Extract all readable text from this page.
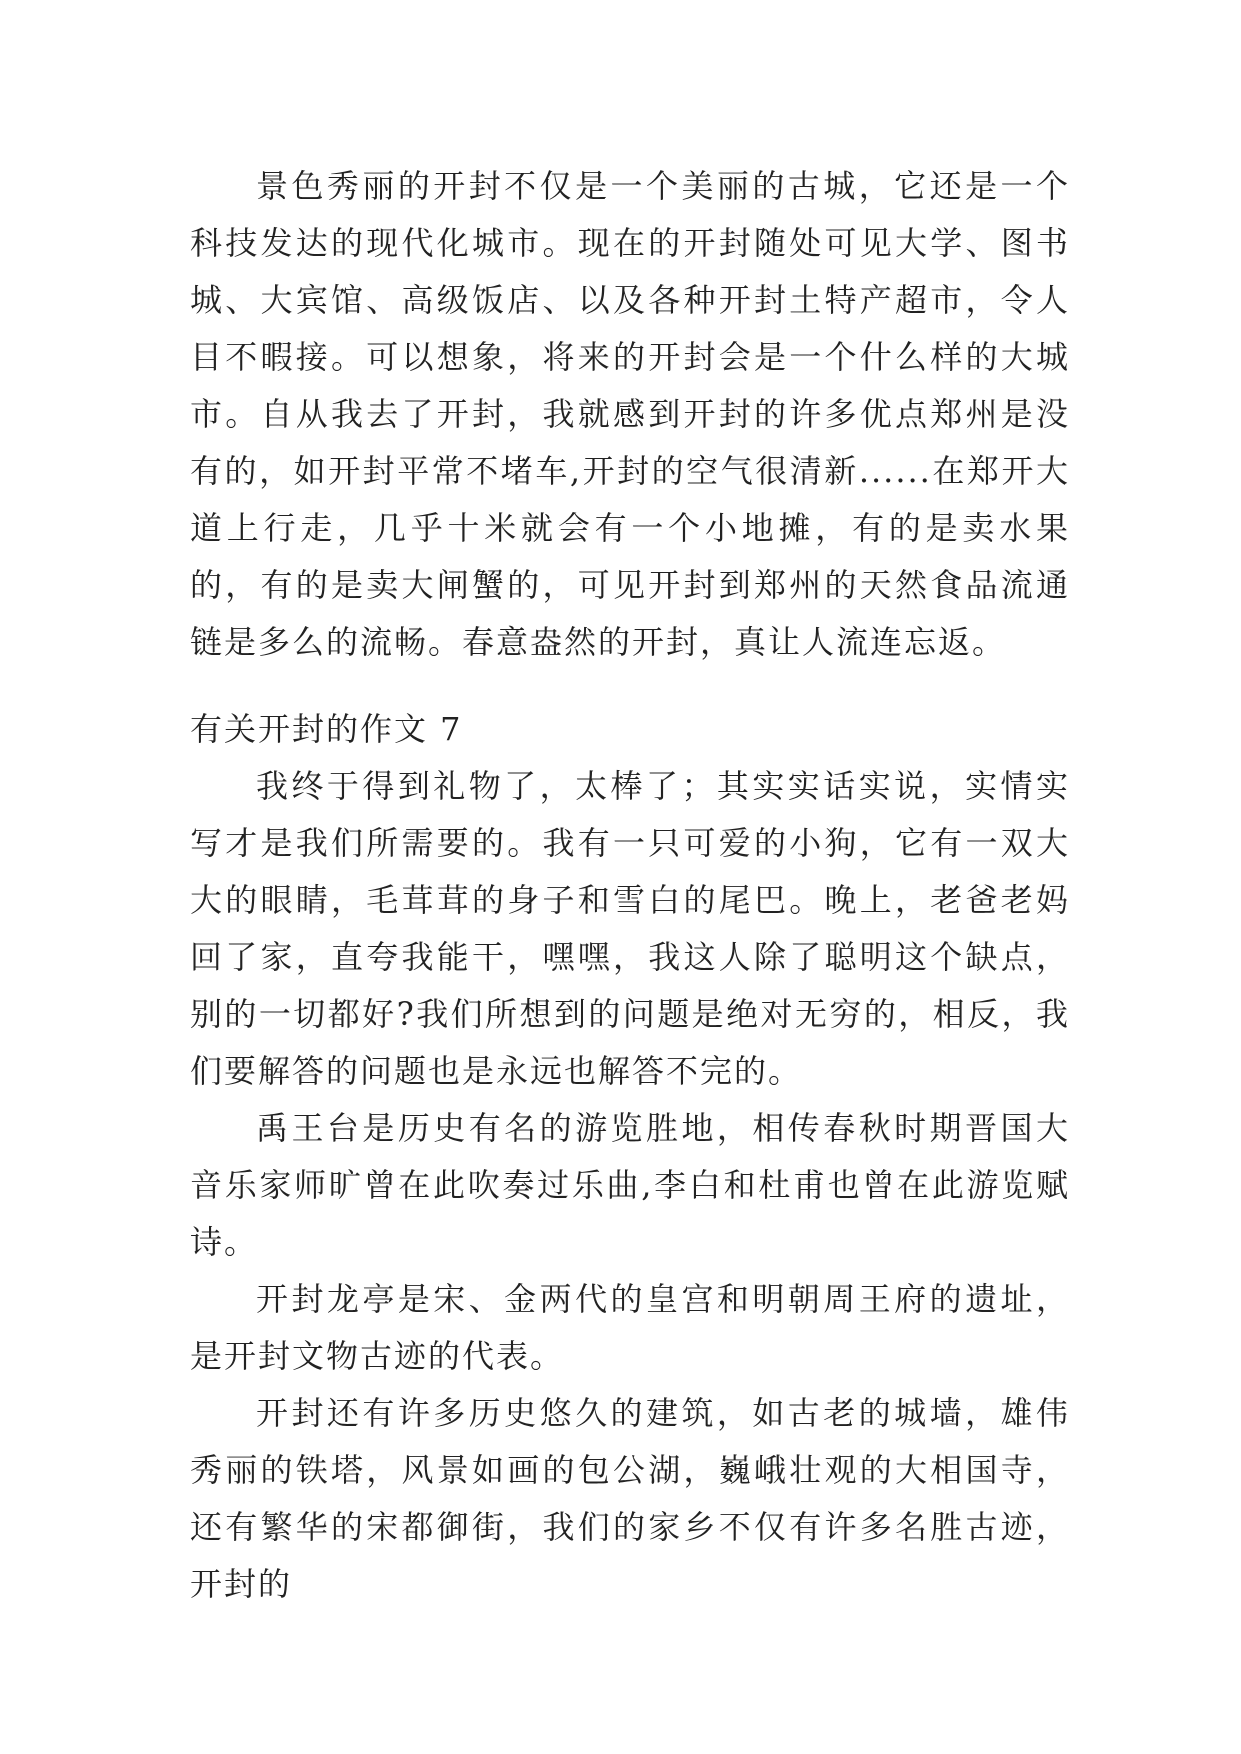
景色秀丽的开封不仅是一个美丽的古城，它还是一个科技发达的现代化城市。现在的开封随处可见大学、图书城、大宾馆、高级饭店、以及各种开封土特产超市，令人目不暇接。可以想象，将来的开封会是一个什么样的大城市。自从我去了开封，我就感到开封的许多优点郑州是没有的，如开封平常不堵车,开封的空气很清新......在郑开大道上行走，几乎十米就会有一个小地摊，有的是卖水果的，有的是卖大闸蟹的，可见开封到郑州的天然食品流通链是多么的流畅。春意盎然的开封，真让人流连忘返。

有关开封的作文 7

我终于得到礼物了，太棒了；其实实话实说，实情实写才是我们所需要的。我有一只可爱的小狗，它有一双大大的眼睛，毛茸茸的身子和雪白的尾巴。晚上，老爸老妈回了家，直夸我能干，嘿嘿，我这人除了聪明这个缺点，别的一切都好?我们所想到的问题是绝对无穷的，相反，我们要解答的问题也是永远也解答不完的。

禹王台是历史有名的游览胜地，相传春秋时期晋国大音乐家师旷曾在此吹奏过乐曲,李白和杜甫也曾在此游览赋诗。

开封龙亭是宋、金两代的皇宫和明朝周王府的遗址，是开封文物古迹的代表。

开封还有许多历史悠久的建筑，如古老的城墙，雄伟秀丽的铁塔，风景如画的包公湖，巍峨壮观的大相国寺，还有繁华的宋都御街，我们的家乡不仅有许多名胜古迹，开封的
